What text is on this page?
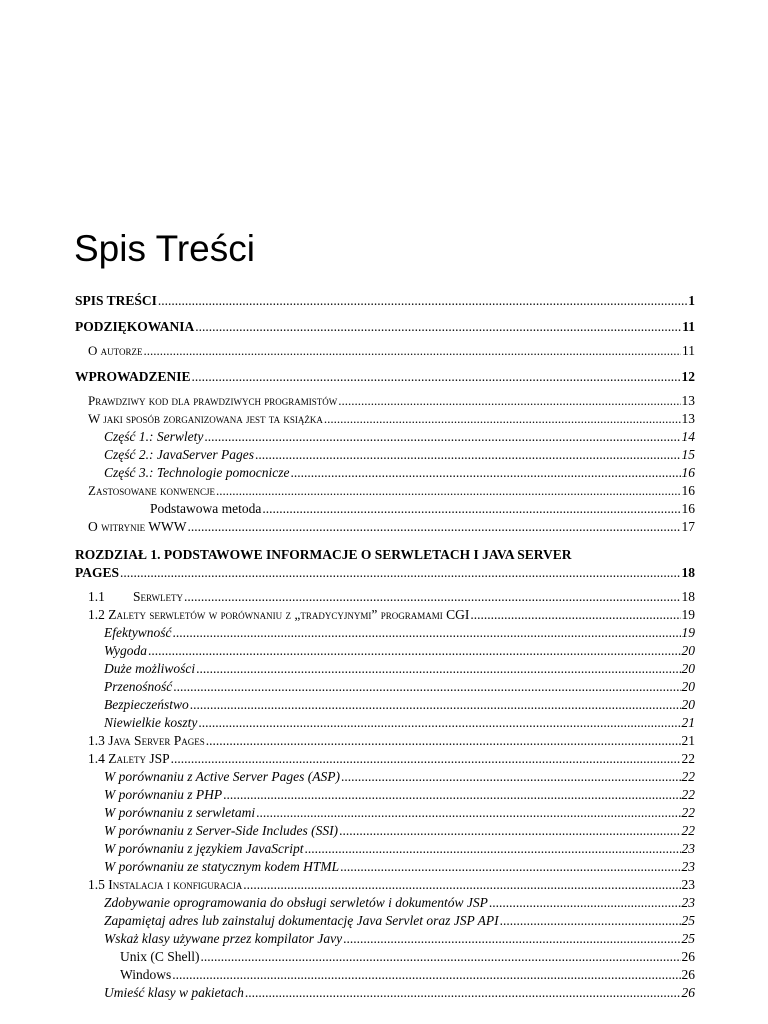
Spis Treści
SPIS TREŚCI .....	1
PODZIĘKOWANIA .....	11
O autorze .....	11
WPROWADZENIE .....	12
Prawdziwy kod dla prawdziwych programistów .....	13
W jaki sposób zorganizowana jest ta książka .....	13
Część 1.: Serwlety .....	14
Część 2.: JavaServer Pages .....	15
Część 3.: Technologie pomocnicze .....	16
Zastosowane konwencje .....	16
Podstawowa metoda .....	16
O witrynie WWW .....	17
ROZDZIAŁ 1. PODSTAWOWE INFORMACJE O SERWLETACH I JAVA SERVER
PAGES .....	18
1.1 Serwlety .....	18
1.2 Zalety serwletów w porównaniu z „tradycyjnymi” programami CGI .....	19
Efektywność .....	19
Wygoda .....	20
Duże możliwości .....	20
Przenośność .....	20
Bezpieczeństwo .....	20
Niewielkie koszty .....	21
1.3 Java Server Pages .....	21
1.4 Zalety JSP .....	22
W porównaniu z Active Server Pages (ASP) .....	22
W porównaniu z PHP .....	22
W porównaniu z serwletami .....	22
W porównaniu z Server-Side Includes (SSI) .....	22
W porównaniu z językiem JavaScript .....	23
W porównaniu ze statycznym kodem HTML .....	23
1.5 Instalacja i konfiguracja .....	23
Zdobywanie oprogramowania do obsługi serwletów i dokumentów JSP .....	23
Zapamiętaj adres lub zainstaluj dokumentację Java Servlet oraz JSP API .....	25
Wskaż klasy używane przez kompilator Javy .....	25
Unix (C Shell) .....	26
Windows .....	26
Umieść klasy w pakietach .....	26
